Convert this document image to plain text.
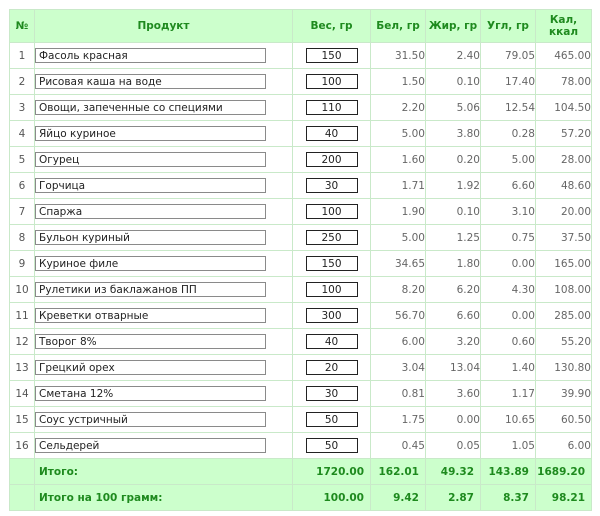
№	Продукт	Вес, гр	Бел, гр	Жир, гр	Угл, гр	Кал, ккал
1	Фасоль красная	150	31.50	2.40	79.05	465.00
2	Рисовая каша на воде	100	1.50	0.10	17.40	78.00
3	Овощи, запеченные со специями	110	2.20	5.06	12.54	104.50
4	Яйцо куриное	40	5.00	3.80	0.28	57.20
5	Огурец	200	1.60	0.20	5.00	28.00
6	Горчица	30	1.71	1.92	6.60	48.60
7	Спаржа	100	1.90	0.10	3.10	20.00
8	Бульон куриный	250	5.00	1.25	0.75	37.50
9	Куриное филе	150	34.65	1.80	0.00	165.00
10	Рулетики из баклажанов ПП	100	8.20	6.20	4.30	108.00
11	Креветки отварные	300	56.70	6.60	0.00	285.00
12	Творог 8%	40	6.00	3.20	0.60	55.20
13	Грецкий орех	20	3.04	13.04	1.40	130.80
14	Сметана 12%	30	0.81	3.60	1.17	39.90
15	Соус устричный	50	1.75	0.00	10.65	60.50
16	Сельдерей	50	0.45	0.05	1.05	6.00
	Итого:	1720.00	162.01	49.32	143.89	1689.20
	Итого на 100 грамм:	100.00	9.42	2.87	8.37	98.21
